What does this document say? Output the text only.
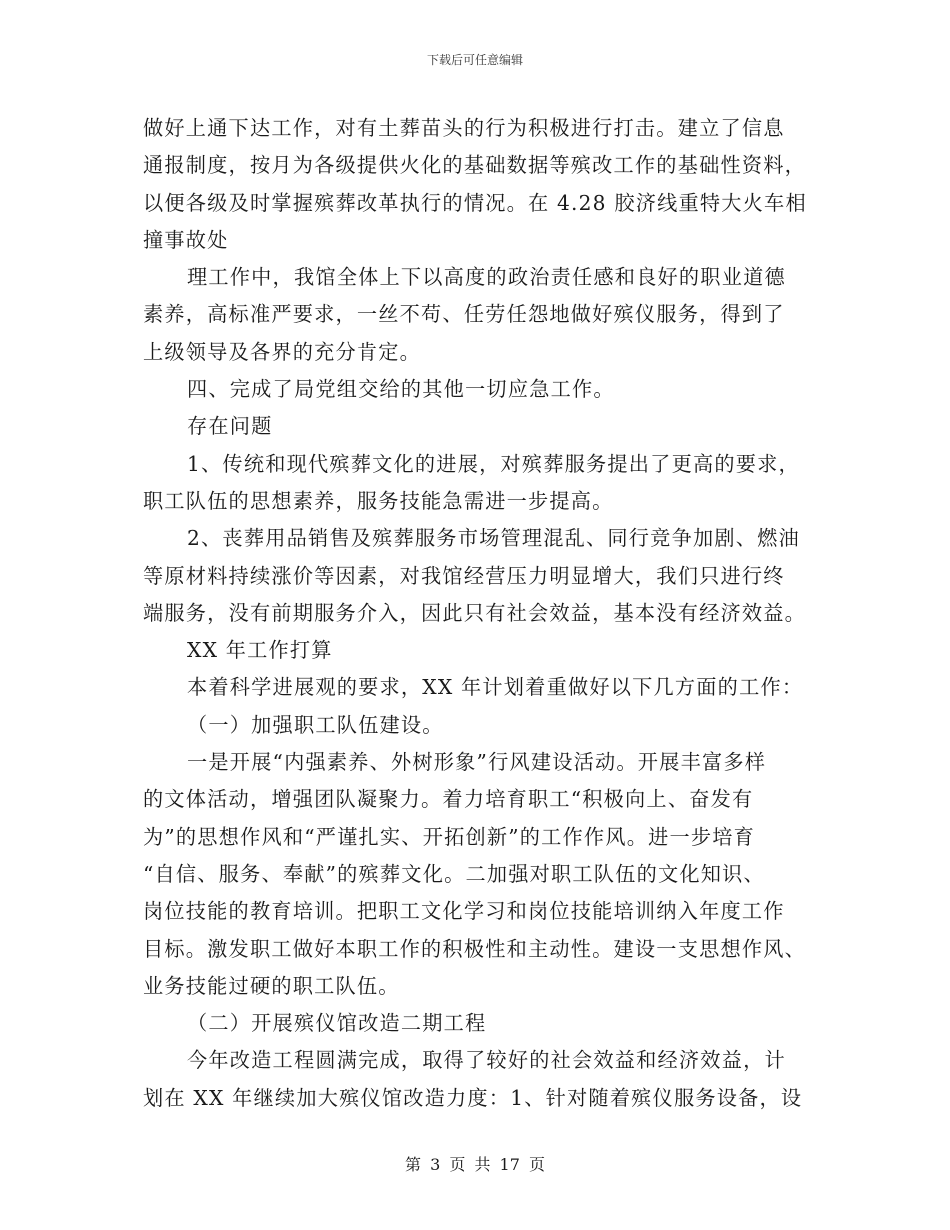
下载后可任意编辑
做好上通下达工作，对有土葬苗头的行为积极进行打击。建立了信息
通报制度，按月为各级提供火化的基础数据等殡改工作的基础性资料，
以便各级及时掌握殡葬改革执行的情况。在 4.28 胶济线重特大火车相
撞事故处
理工作中，我馆全体上下以高度的政治责任感和良好的职业道德
素养，高标准严要求，一丝不苟、任劳任怨地做好殡仪服务，得到了
上级领导及各界的充分肯定。
四、完成了局党组交给的其他一切应急工作。
存在问题
1、传统和现代殡葬文化的进展，对殡葬服务提出了更高的要求，
职工队伍的思想素养，服务技能急需进一步提高。
2、丧葬用品销售及殡葬服务市场管理混乱、同行竞争加剧、燃油
等原材料持续涨价等因素，对我馆经营压力明显增大，我们只进行终
端服务，没有前期服务介入，因此只有社会效益，基本没有经济效益。
XX 年工作打算
本着科学进展观的要求，XX 年计划着重做好以下几方面的工作：
（一）加强职工队伍建设。
一是开展“内强素养、外树形象”行风建设活动。开展丰富多样
的文体活动，增强团队凝聚力。着力培育职工“积极向上、奋发有
为”的思想作风和“严谨扎实、开拓创新”的工作作风。进一步培育
“自信、服务、奉献”的殡葬文化。二加强对职工队伍的文化知识、
岗位技能的教育培训。把职工文化学习和岗位技能培训纳入年度工作
目标。激发职工做好本职工作的积极性和主动性。建设一支思想作风、
业务技能过硬的职工队伍。
（二）开展殡仪馆改造二期工程
今年改造工程圆满完成，取得了较好的社会效益和经济效益，计
划在 XX 年继续加大殡仪馆改造力度：1、针对随着殡仪服务设备，设
第 3 页 共 17 页
